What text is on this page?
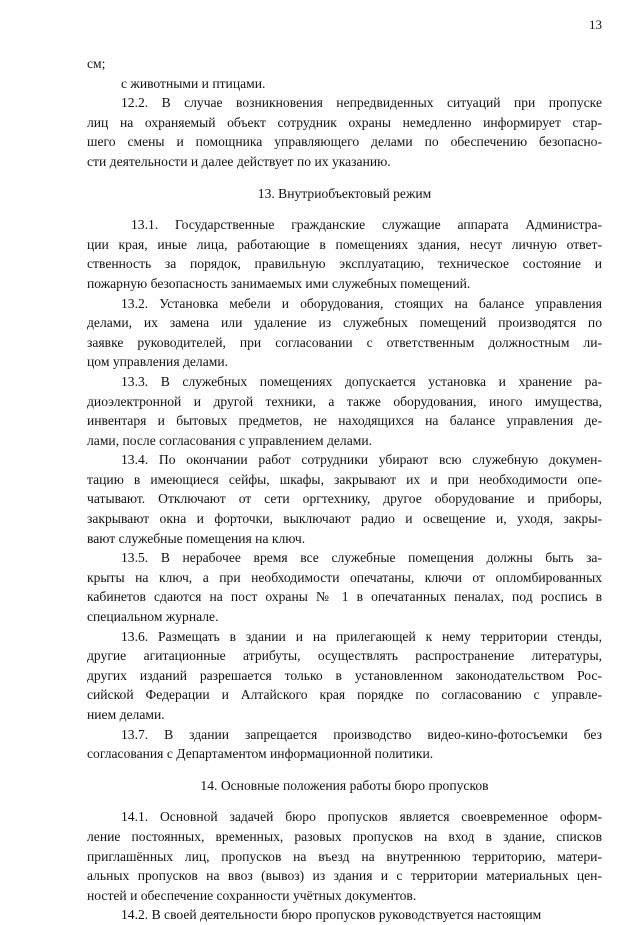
13
см;
с животными и птицами.
12.2. В случае возникновения непредвиденных ситуаций при пропуске
лиц на охраняемый объект сотрудник охраны немедленно информирует стар-
шего смены и помощника управляющего делами по обеспечению безопасно-
сти деятельности и далее действует по их указанию.
13. Внутриобъектовый режим
13.1. Государственные гражданские служащие аппарата Администра-
ции края, иные лица, работающие в помещениях здания, несут личную ответ-
ственность за порядок, правильную эксплуатацию, техническое состояние и
пожарную безопасность занимаемых ими служебных помещений.
13.2. Установка мебели и оборудования, стоящих на балансе управления
делами, их замена или удаление из служебных помещений производятся по
заявке руководителей, при согласовании с ответственным должностным ли-
цом управления делами.
13.3. В служебных помещениях допускается установка и хранение ра-
диоэлектронной и другой техники, а также оборудования, иного имущества,
инвентаря и бытовых предметов, не находящихся на балансе управления де-
лами, после согласования с управлением делами.
13.4. По окончании работ сотрудники убирают всю служебную докумен-
тацию в имеющиеся сейфы, шкафы, закрывают их и при необходимости опе-
чатывают. Отключают от сети оргтехнику, другое оборудование и приборы,
закрывают окна и форточки, выключают радио и освещение и, уходя, закры-
вают служебные помещения на ключ.
13.5. В нерабочее время все служебные помещения должны быть за-
крыты на ключ, а при необходимости опечатаны, ключи от опломбированных
кабинетов сдаются на пост охраны № 1 в опечатанных пеналах, под роспись в
специальном журнале.
13.6. Размещать в здании и на прилегающей к нему территории стенды,
другие агитационные атрибуты, осуществлять распространение литературы,
других изданий разрешается только в установленном законодательством Рос-
сийской Федерации и Алтайского края порядке по согласованию с управле-
нием делами.
13.7. В здании запрещается производство видео-кино-фотосъемки без
согласования с Департаментом информационной политики.
14. Основные положения работы бюро пропусков
14.1. Основной задачей бюро пропусков является своевременное оформ-
ление постоянных, временных, разовых пропусков на вход в здание, списков
приглашённых лиц, пропусков на въезд на внутреннюю территорию, матери-
альных пропусков на ввоз (вывоз) из здания и с территории материальных цен-
ностей и обеспечение сохранности учётных документов.
14.2. В своей деятельности бюро пропусков руководствуется настоящим
